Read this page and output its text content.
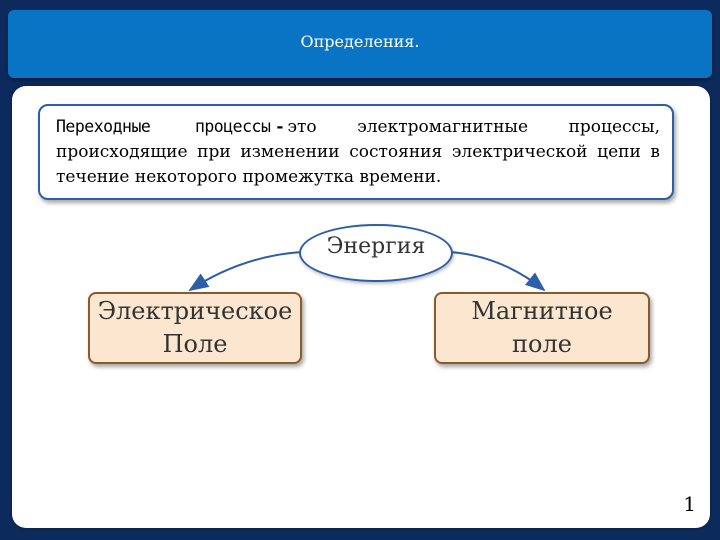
Определения.
Переходные процессы - это электромагнитные процессы, происходящие при изменении состояния электрической цепи в течение некоторого промежутка времени.
Энергия
Электрическое
Поле
Магнитное
поле
1
